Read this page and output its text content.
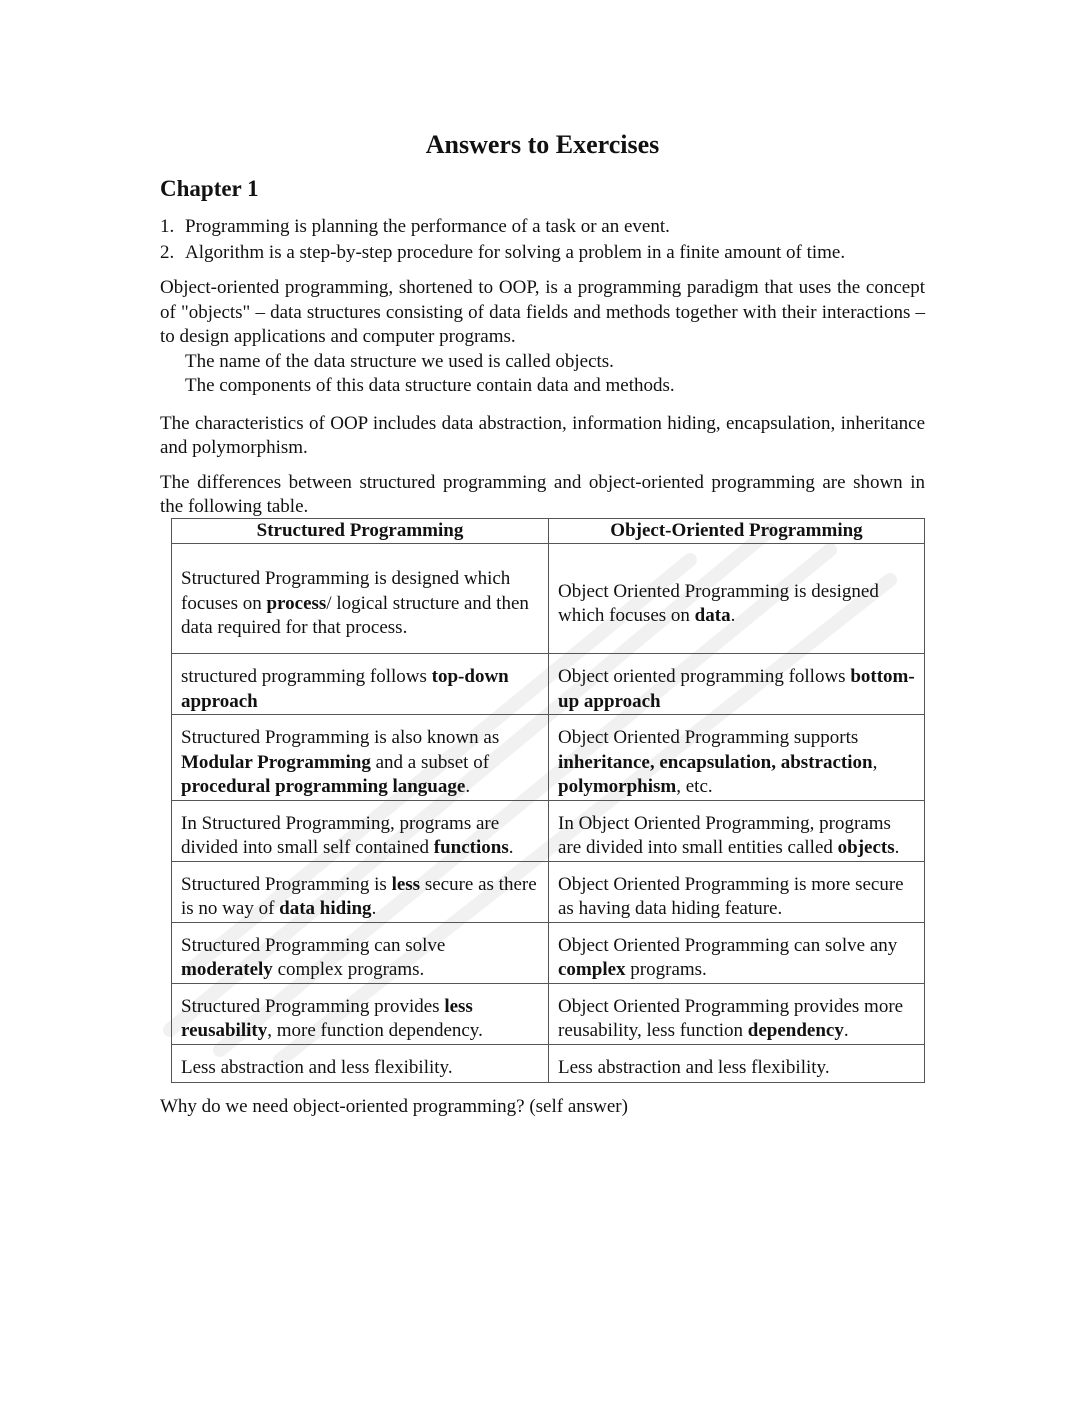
Answers to Exercises
Chapter 1
1. Programming is planning the performance of a task or an event.
2. Algorithm is a step-by-step procedure for solving a problem in a finite amount of time.

Object-oriented programming, shortened to OOP, is a programming paradigm that uses the concept of "objects" – data structures consisting of data fields and methods together with their interactions – to design applications and computer programs.

The name of the data structure we used is called objects.

The components of this data structure contain data and methods.

The characteristics of OOP includes data abstraction, information hiding, encapsulation, inheritance and polymorphism.

The differences between structured programming and object-oriented programming are shown in the following table.

Structured Programming	Object-Oriented Programming
Structured Programming is designed which focuses on process/ logical structure and then data required for that process.	Object Oriented Programming is designed which focuses on data.
structured programming follows top-down approach	Object oriented programming follows bottom-up approach
Structured Programming is also known as Modular Programming and a subset of procedural programming language.	Object Oriented Programming supports inheritance, encapsulation, abstraction, polymorphism, etc.
In Structured Programming, programs are divided into small self contained functions.	In Object Oriented Programming, programs are divided into small entities called objects.
Structured Programming is less secure as there is no way of data hiding.	Object Oriented Programming is more secure as having data hiding feature.
Structured Programming can solve moderately complex programs.	Object Oriented Programming can solve any complex programs.
Structured Programming provides less reusability, more function dependency.	Object Oriented Programming provides more reusability, less function dependency.
Less abstraction and less flexibility.	Less abstraction and less flexibility.

Why do we need object-oriented programming? (self answer)
